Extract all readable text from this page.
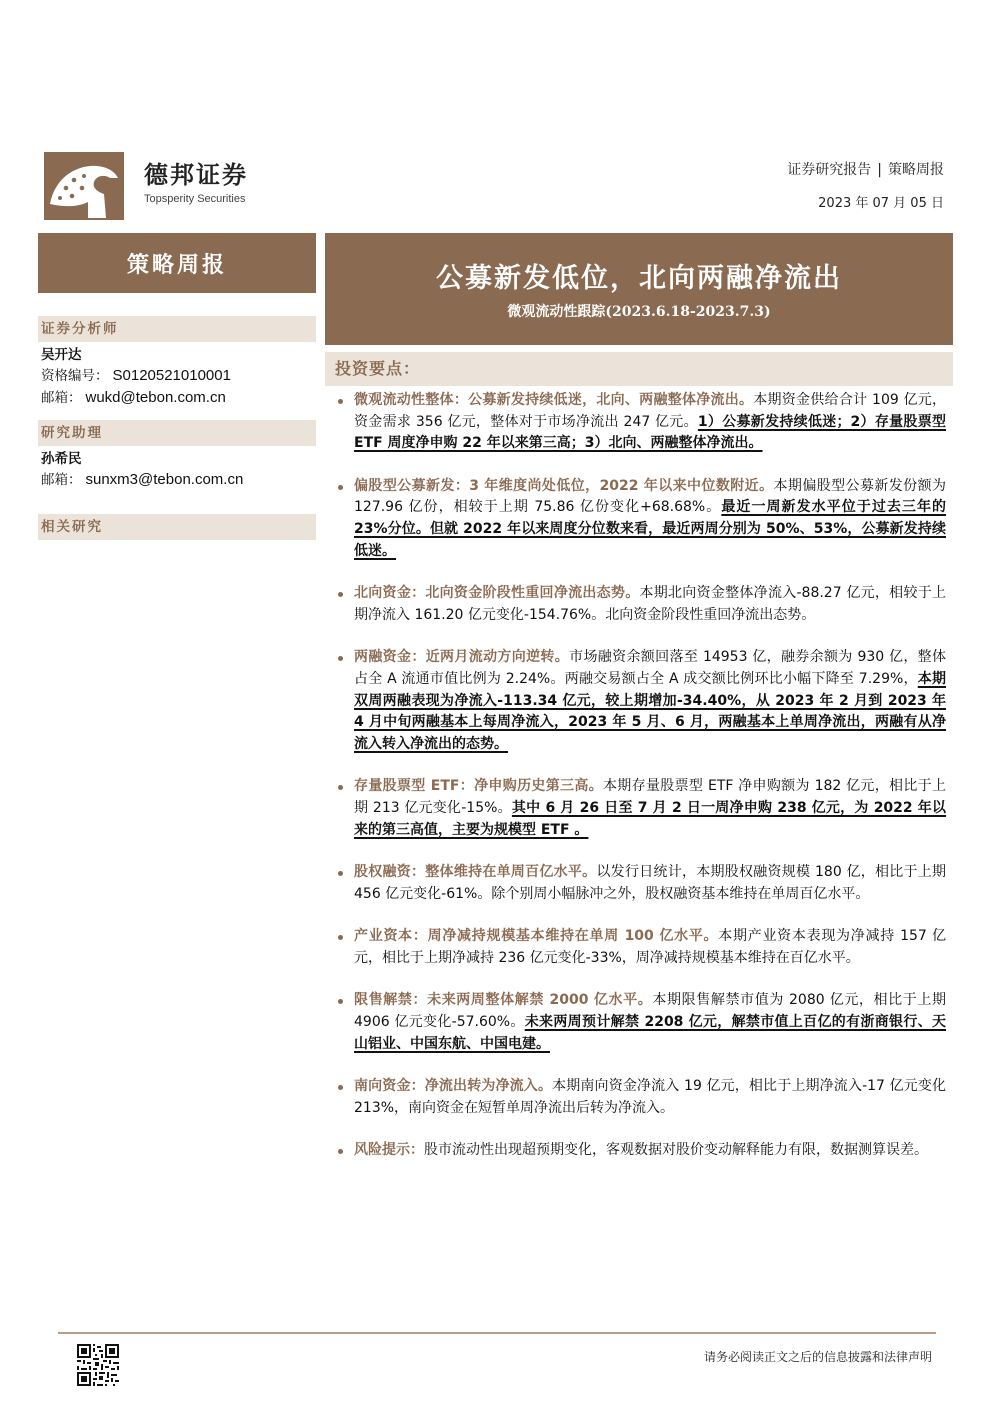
德邦证券
Topsperity Securities
证券研究报告 | 策略周报
2023 年 07 月 05 日
策略周报
证券分析师
吴开达
资格编号： S0120521010001
邮箱： wukd@tebon.com.cn
研究助理
孙希民
邮箱： sunxm3@tebon.com.cn
相关研究
公募新发低位，北向两融净流出
微观流动性跟踪(2023.6.18-2023.7.3)
投资要点：
微观流动性整体：公募新发持续低迷，北向、两融整体净流出。本期资金供给合计 109 亿元，资金需求 356 亿元，整体对于市场净流出 247 亿元。1）公募新发持续低迷；2）存量股票型 ETF 周度净申购 22 年以来第三高；3）北向、两融整体净流出。
偏股型公募新发：3 年维度尚处低位，2022 年以来中位数附近。本期偏股型公募新发份额为 127.96 亿份，相较于上期 75.86 亿份变化+68.68%。最近一周新发水平位于过去三年的 23%分位。但就 2022 年以来周度分位数来看，最近两周分别为 50%、53%，公募新发持续低迷。
北向资金：北向资金阶段性重回净流出态势。本期北向资金整体净流入-88.27 亿元，相较于上期净流入 161.20 亿元变化-154.76%。北向资金阶段性重回净流出态势。
两融资金：近两月流动方向逆转。市场融资余额回落至 14953 亿，融券余额为 930 亿，整体占全 A 流通市值比例为 2.24%。两融交易额占全 A 成交额比例环比小幅下降至 7.29%，本期双周两融表现为净流入-113.34 亿元，较上期增加-34.40%，从 2023 年 2 月到 2023 年 4 月中旬两融基本上每周净流入，2023 年 5 月、6 月，两融基本上单周净流出，两融有从净流入转入净流出的态势。
存量股票型 ETF：净申购历史第三高。本期存量股票型 ETF 净申购额为 182 亿元，相比于上期 213 亿元变化-15%。其中 6 月 26 日至 7 月 2 日一周净申购 238 亿元，为 2022 年以来的第三高值，主要为规模型 ETF 。
股权融资：整体维持在单周百亿水平。以发行日统计，本期股权融资规模 180 亿，相比于上期 456 亿元变化-61%。除个别周小幅脉冲之外，股权融资基本维持在单周百亿水平。
产业资本：周净减持规模基本维持在单周 100 亿水平。本期产业资本表现为净减持 157 亿元，相比于上期净减持 236 亿元变化-33%，周净减持规模基本维持在百亿水平。
限售解禁：未来两周整体解禁 2000 亿水平。本期限售解禁市值为 2080 亿元，相比于上期 4906 亿元变化-57.60%。未来两周预计解禁 2208 亿元，解禁市值上百亿的有浙商银行、天山铝业、中国东航、中国电建。
南向资金：净流出转为净流入。本期南向资金净流入 19 亿元，相比于上期净流入-17 亿元变化 213%，南向资金在短暂单周净流出后转为净流入。
风险提示：股市流动性出现超预期变化，客观数据对股价变动解释能力有限，数据测算误差。
请务必阅读正文之后的信息披露和法律声明
